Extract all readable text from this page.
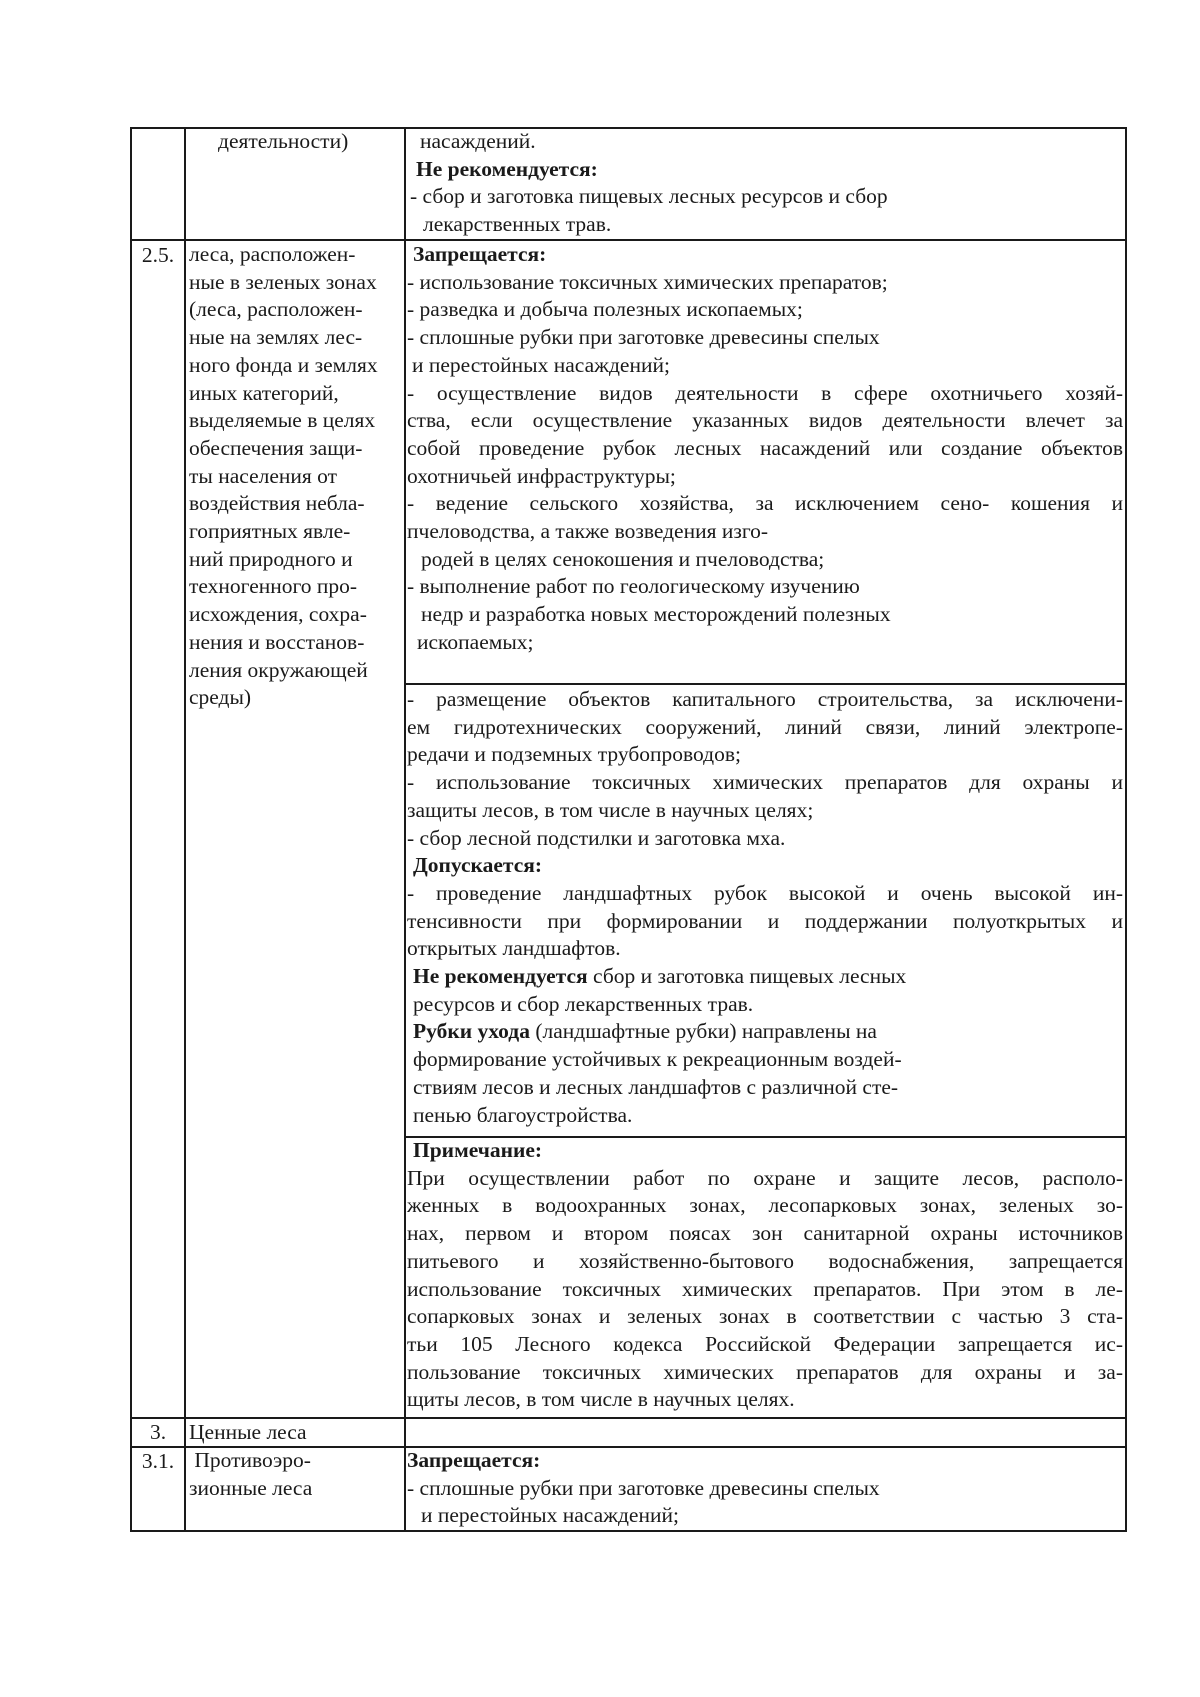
деятельности)	насаждений.
Не рекомендуется:
- сбор и заготовка пищевых лесных ресурсов и сбор
лекарственных трав.
2.5. леса, расположен-
ные в зеленых зонах
(леса, расположен-
ные на землях лес-
ного фонда и землях
иных категорий,
выделяемые в целях
обеспечения защи-
ты населения от
воздействия небла-
гоприятных явле-
ний природного и
техногенного про-
исхождения, сохра-
нения и восстанов-
ления окружающей
среды)
Запрещается:
- использование токсичных химических препаратов;
- разведка и добыча полезных ископаемых;
- сплошные рубки при заготовке древесины спелых
и перестойных насаждений;
- осуществление видов деятельности в сфере охотничьего хозяй-
ства, если осуществление указанных видов деятельности влечет за
собой проведение рубок лесных насаждений или создание объектов
охотничьей инфраструктуры;
- ведение сельского хозяйства, за исключением сено- кошения и
пчеловодства, а также возведения изго-
родей в целях сенокошения и пчеловодства;
- выполнение работ по геологическому изучению
недр и разработка новых месторождений полезных
ископаемых;
- размещение объектов капитального строительства, за исключени-
ем гидротехнических сооружений, линий связи, линий электропе-
редачи и подземных трубопроводов;
- использование токсичных химических препаратов для охраны и
защиты лесов, в том числе в научных целях;
- сбор лесной подстилки и заготовка мха.
Допускается:
- проведение ландшафтных рубок высокой и очень высокой ин-
тенсивности при формировании и поддержании полуоткрытых и
открытых ландшафтов.
Не рекомендуется сбор и заготовка пищевых лесных
ресурсов и сбор лекарственных трав.
Рубки ухода (ландшафтные рубки) направлены на
формирование устойчивых к рекреационным воздей-
ствиям лесов и лесных ландшафтов с различной сте-
пенью благоустройства.
Примечание:
При осуществлении работ по охране и защите лесов, располо-
женных в водоохранных зонах, лесопарковых зонах, зеленых зо-
нах, первом и втором поясах зон санитарной охраны источников
питьевого и хозяйственно-бытового водоснабжения, запрещается
использование токсичных химических препаратов. При этом в ле-
сопарковых зонах и зеленых зонах в соответствии с частью 3 ста-
тьи 105 Лесного кодекса Российской Федерации запрещается ис-
пользование токсичных химических препаратов для охраны и за-
щиты лесов, в том числе в научных целях.
3.	Ценные леса
3.1. Противоэро-
зионные леса
Запрещается:
- сплошные рубки при заготовке древесины спелых
и перестойных насаждений;
